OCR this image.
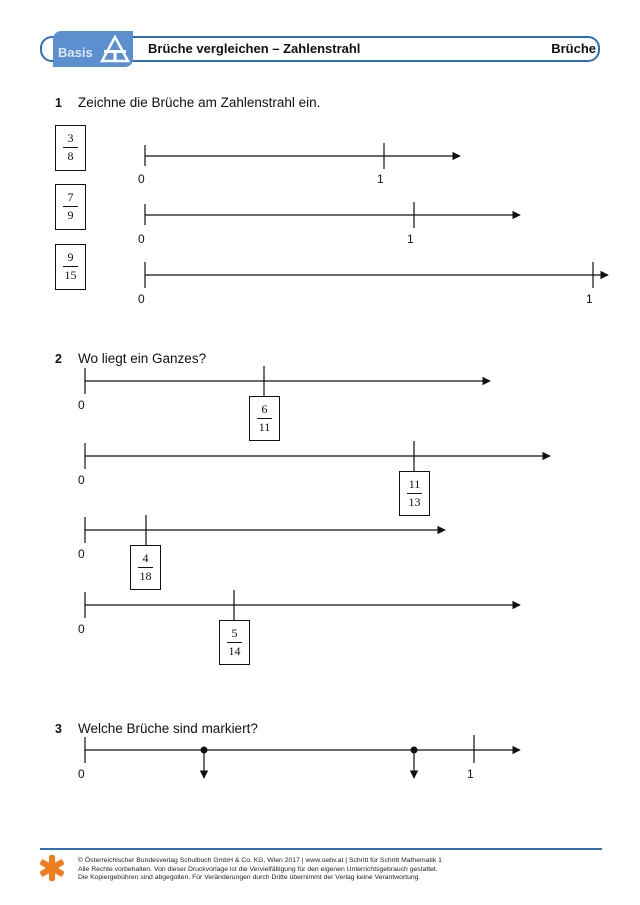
Basis	Brüche vergleichen – Zahlenstrahl	Brüche
1 Zeichne die Brüche am Zahlenstrahl ein.
2 Wo liegt ein Ganzes?
3 Welche Brüche sind markiert?
3
8
7
9
9
15
0	1
0	1
0	1
0
0
0
0
6
11
11
13
4
18
5
14
0	1
© Österreichischer Bundesverlag Schulbuch GmbH & Co. KG, Wien 2017 | www.oebv.at | Schritt für Schritt Mathematik 1
Alle Rechte vorbehalten. Von dieser Druckvorlage ist die Vervielfältigung für den eigenen Unterrichtsgebrauch gestattet.
Die Kopiergebühren sind abgegolten. Für Veränderungen durch Dritte übernimmt der Verlag keine Verantwortung.
